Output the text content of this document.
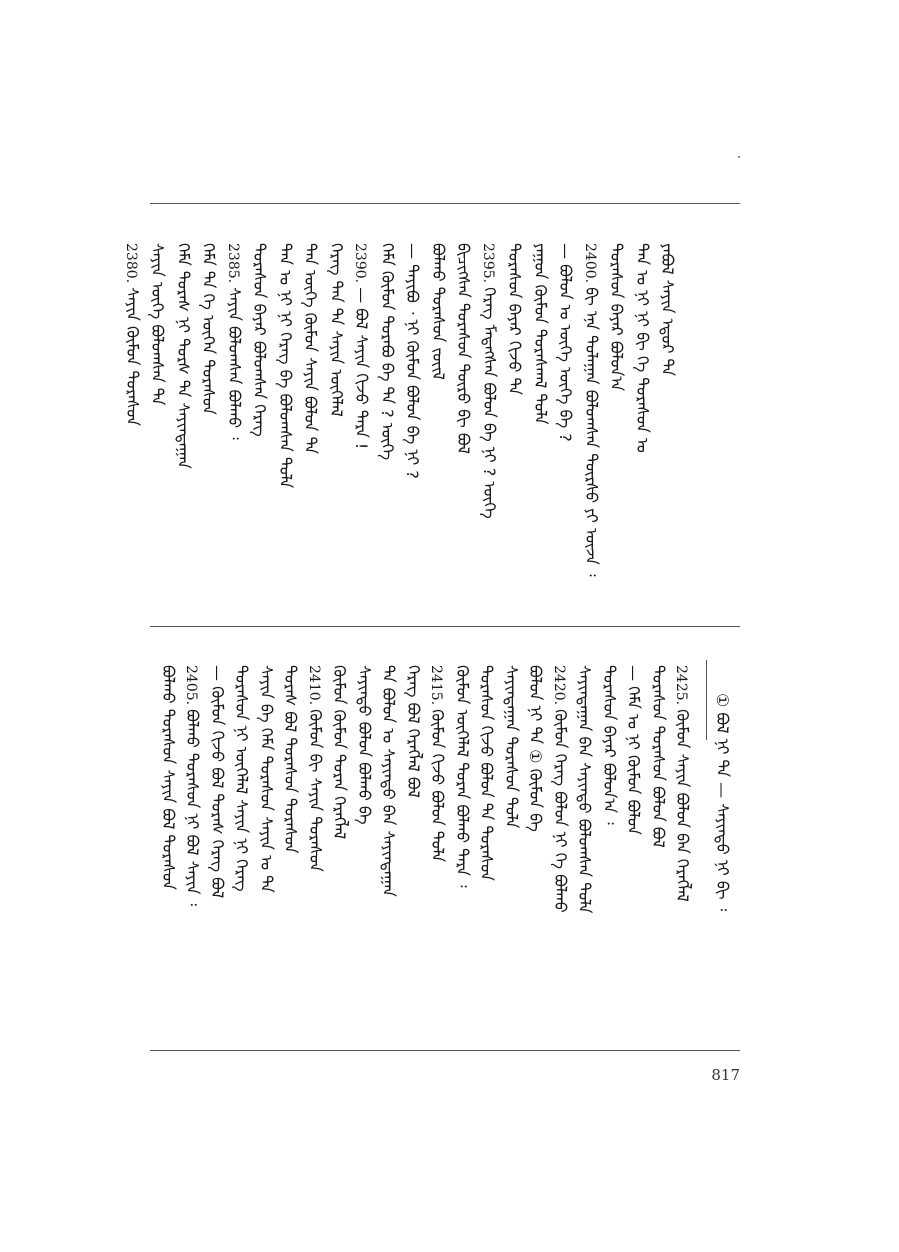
ᠶᠠᠪᠤᠯ ᠰᠠᠶᠢᠨ ᠡᠳᠦᠷ ᠲᠡ
ᠲᠠᠨ ᠤ ᠨᠢ ᠨᠢ ᠪᠢ ᠬᠡ ᠳᠤᠷᠠᠰᠤᠨ ᠤ
ᠳᠤᠷᠠᠰᠤᠨ ᠪᠠᠶᠠᠷ ᠪᠣᠯᠤᠨ᠎ᠠ
2400.ᠪᠢ ᠡᠨᠡ ᠳᠤᠯᠠᠭᠠᠨ ᠪᠣᠯᠤᠭᠰᠠᠨ ᠳᠦᠷᠰᠦ ᠶᠢ ᠦᠵᠡ ᠄
— ᠪᠣᠯᠤᠨ ᠤ ᠦᠭᠡ ᠦᠭᠡ ᠪᠡ ?
ᠶᠠᠭᠤᠨ ᠬᠦᠮᠦᠨ ᠳᠤᠷᠠᠰᠬᠠᠯ ᠲᠤᠯᠠ
ᠳᠤᠷᠠᠰᠤᠨ ᠪᠠᠶᠠᠷ ᠬᠢᠵᠦ ᠲᠡ
2395.ᠬᠡᠷᠡᠭ ᠮᠡᠳᠡᠭᠰᠡᠨ ᠪᠣᠯᠤᠨ ᠪᠠ ᠨᠢ ? ᠦᠭᠡ
ᠪᠢᠴᠢᠭᠰᠡᠨ ᠳᠤᠷᠠᠰᠤᠨ ᠲᠥᠷᠥ ᠪᠢ ᠪᠣᠯ
ᠪᠣᠯᠬᠤ ᠳᠤᠷᠠᠰᠤᠨ ᠵᠦᠢᠯ
— ᠳᠠᠶᠢᠪᠤ ᠂ ᠨᠢ ᠬᠦᠮᠦᠨ ᠪᠣᠯᠤᠨ ᠪᠠ ᠨᠢ ?
ᠬᠡᠮᠡ ᠬᠦᠮᠦᠨ ᠳᠤᠷᠠᠪᠤ ᠪᠠ ᠲᠡ ? ᠦᠭᠡ
2390.— ᠪᠣᠯ ᠰᠠᠶᠢᠨ ᠬᠢᠵᠦ ᠲᠡᠷᠡ !
ᠬᠡᠷᠡᠭ ᠲᠠᠨ ᠲᠡ ᠰᠠᠶᠢᠨ ᠦᠭᠡᠯᠡᠯ
ᠲᠠᠨ ᠦᠭᠡ ᠬᠦᠮᠦᠨ ᠰᠠᠶᠢᠨ ᠪᠣᠯᠤᠨ ᠲᠡ
ᠲᠠᠨ ᠤ ᠨᠢ ᠨᠢ ᠬᠡᠷᠡᠭ ᠪᠠ ᠪᠣᠯᠤᠭᠰᠠᠨ ᠲᠤᠯᠠ
ᠳᠤᠷᠠᠰᠤᠨ ᠪᠠᠶᠠᠷ ᠪᠣᠯᠤᠭᠰᠠᠨ ᠬᠡᠷᠡᠭ
2385.ᠰᠠᠶᠢᠨ ᠪᠣᠯᠤᠭᠰᠠᠨ ᠪᠣᠯᠬᠤ ᠄
ᠬᠡᠮᠡ ᠲᠡ ᠬᠡ ᠦᠭᠡᠨ ᠳᠤᠷᠠᠰᠤᠨ
ᠬᠡᠮᠡ ᠳᠤᠷᠠᠰ ᠨᠢ ᠲᠤᠷᠰ ᠲᠡ ᠰᠠᠶᠢᠨᠳᠠᠭᠠᠨ
ᠰᠠᠶᠢᠨ ᠦᠭᠡ ᠪᠣᠯᠤᠭᠰᠠᠨ ᠲᠡ
2380.ᠰᠠᠶᠢᠨ ᠬᠦᠮᠦᠨ ᠳᠤᠷᠠᠰᠤᠨ
① ᠪᠣᠯ ᠨᠢ ᠲᠡ — ᠰᠠᠶᠢᠨᠳᠤ ᠨᠢ ᠪᠢ ᠄
2425.ᠬᠦᠮᠦᠨ ᠰᠠᠶᠢᠨ ᠪᠣᠯᠤᠨ ᠪᠠᠨ ᠬᠡᠷᠡᠭᠯᠡᠯ
ᠳᠤᠷᠠᠰᠤᠨ ᠳᠤᠷᠠᠰᠤᠨ ᠪᠣᠯᠤᠨ ᠪᠣᠯ
— ᠬᠡᠮᠡ ᠤ ᠨᠢ ᠬᠦᠮᠦᠨ ᠪᠣᠯᠤᠨ
ᠳᠤᠷᠠᠰᠤᠨ ᠪᠠᠶᠠᠷ ᠪᠣᠯᠤᠨ᠎ᠠ ᠄
ᠰᠠᠶᠢᠨᠳᠠᠭᠠᠨ ᠪᠠᠨ ᠰᠠᠶᠢᠨᠳᠤ ᠪᠣᠯᠤᠭᠰᠠᠨ ᠲᠤᠯᠠ
2420.ᠬᠦᠮᠦᠨ ᠬᠡᠷᠡᠭ ᠪᠣᠯᠤᠨ ᠨᠢ ᠬᠡ ᠪᠣᠯᠬᠤ
ᠪᠣᠯᠤᠨ ᠨᠢ ᠲᠡ ① ᠬᠦᠮᠦᠨ ᠪᠠ
ᠰᠠᠶᠢᠨᠳᠠᠭᠠᠨ ᠳᠤᠷᠠᠰᠤᠨ ᠲᠤᠯᠠ
ᠳᠤᠷᠠᠰᠤᠨ ᠬᠢᠵᠦ ᠪᠣᠯᠤᠨ ᠲᠡ ᠳᠤᠷᠠᠰᠤᠨ
ᠬᠦᠮᠦᠨ ᠦᠭᠡᠯᠡᠯ ᠲᠤᠷᠠᠨ ᠪᠣᠯᠬᠤ ᠲᠡᠷᠡ ᠄
2415.ᠬᠦᠮᠦᠨ ᠬᠢᠵᠦ ᠪᠣᠯᠤᠨ ᠲᠤᠯᠠ
ᠬᠡᠷᠡᠭ ᠪᠣᠯ ᠬᠡᠷᠡᠭᠯᠡᠯ ᠪᠣᠯ
ᠲᠡ ᠪᠣᠯᠤᠨ ᠤ ᠰᠠᠶᠢᠨᠳᠤ ᠪᠠᠨ ᠰᠠᠶᠢᠨᠳᠠᠭᠠᠨ
ᠰᠠᠶᠢᠨᠳᠤ ᠪᠣᠯᠤᠨ ᠪᠣᠯᠬᠤ ᠪᠠ
ᠬᠦᠮᠦᠨ ᠬᠦᠮᠦᠨ ᠲᠤᠷᠠᠨ ᠬᠡᠷᠡᠭᠯᠡᠯ
2410.ᠬᠦᠮᠦᠨ ᠪᠢ ᠰᠠᠶᠢᠨ ᠳᠤᠷᠠᠰᠤᠨ
ᠳᠤᠷᠠᠰ ᠪᠣᠯ ᠳᠤᠷᠠᠰᠤᠨ ᠳᠤᠷᠠᠰᠤᠨ
ᠰᠠᠶᠢᠨ ᠪᠠ ᠬᠡᠮᠡ ᠳᠤᠷᠠᠰᠤᠨ ᠰᠠᠶᠢᠨ ᠤ ᠲᠡ
ᠳᠤᠷᠠᠰᠤᠨ ᠨᠢ ᠦᠭᠡᠯᠡᠯ ᠰᠠᠶᠢᠨ ᠨᠢ ᠬᠡᠷᠡᠭ
— ᠬᠦᠮᠦᠨ ᠬᠢᠵᠦ ᠪᠣᠯ ᠳᠤᠷᠠᠰ ᠬᠡᠷᠡᠭ ᠪᠣᠯ
2405.ᠪᠣᠯᠬᠤ ᠳᠤᠷᠠᠰᠤᠨ ᠨᠢ ᠪᠣᠯ ᠰᠠᠶᠢᠨ ᠄
ᠪᠣᠯᠬᠤ ᠳᠤᠷᠠᠰᠤᠨ ᠰᠠᠶᠢᠨ ᠪᠣᠯ ᠳᠤᠷᠠᠰᠤᠨ
817
